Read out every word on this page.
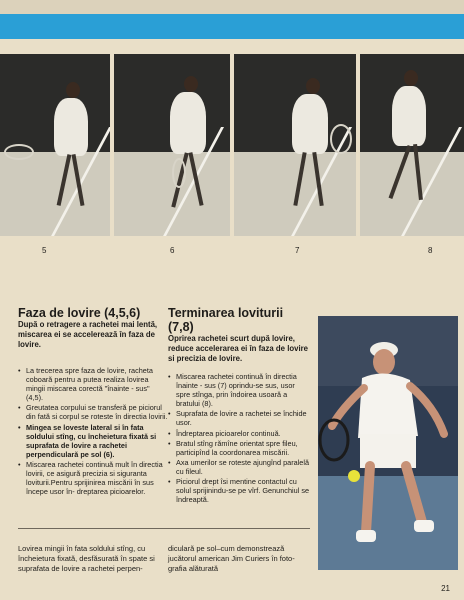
5	6	7	8
Faza de lovire (4,5,6)
După o retragere a rachetei mai lentă, miscarea ei se accelerează în faza de lovire.
• La trecerea spre faza de lovire, racheta coboară pentru a putea realiza lovirea mingii miscarea corectă "înainte - sus" (4,5).
• Greutatea corpului se transferă pe piciorul din fată si corpul se roteste în directia lovirii.
• Mingea se loveste lateral si în fata soldului stîng, cu încheietura fixată si suprafata de lovire a rachetei perpendiculară pe sol (6).
• Miscarea rachetei continuă mult în directia lovirii, ce asigură precizia si siguranta loviturii.Pentru sprijinirea miscării în sus începe usor în- dreptarea picioarelor.
Terminarea loviturii (7,8)
Oprirea rachetei scurt după lovire, reduce accelerarea ei în faza de lovire si precizia de lovire.
• Miscarea rachetei continuă în directia înainte - sus (7) oprindu-se sus, usor spre stînga, prin îndoirea usoară a bratului (8).
• Suprafata de lovire a rachetei se închide usor.
• Îndreptarea picioarelor continuă.
• Bratul stîng rămîne orientat spre fileu, participînd la coordonarea miscării.
• Axa umerilor se roteste ajungînd paralelă cu fileul.
• Piciorul drept îsi mentine contactul cu solul sprijinindu-se pe vîrf. Genunchiul se îndreaptă.
Lovirea mingii în fata soldului stîng, cu încheietura fixată, desfăsurată în spate si suprafata de lovire a rachetei perpen-
diculară pe sol–cum demonstrează jucătorul american Jim Curiers în foto- grafia alăturată
21
